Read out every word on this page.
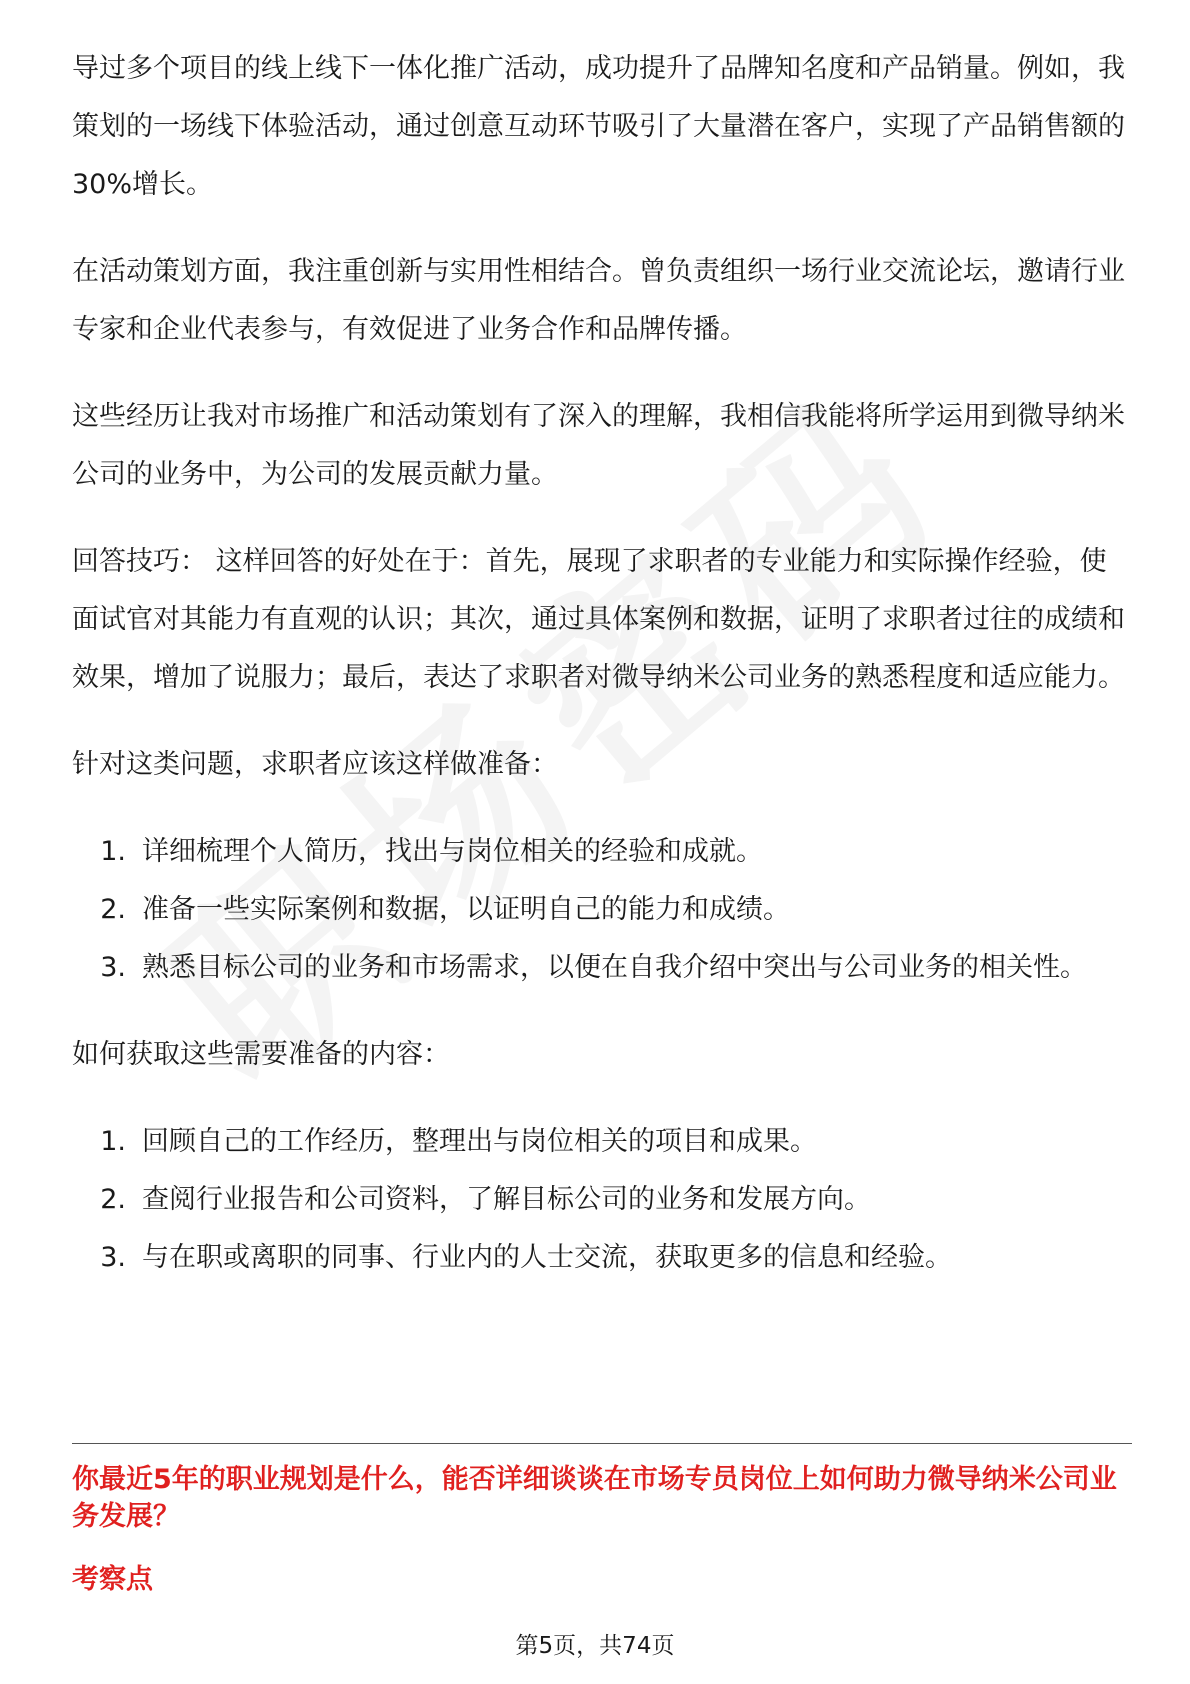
导过多个项目的线上线下一体化推广活动，成功提升了品牌知名度和产品销量。例如，我策划的一场线下体验活动，通过创意互动环节吸引了大量潜在客户，实现了产品销售额的30%增长。

在活动策划方面，我注重创新与实用性相结合。曾负责组织一场行业交流论坛，邀请行业专家和企业代表参与，有效促进了业务合作和品牌传播。

这些经历让我对市场推广和活动策划有了深入的理解，我相信我能将所学运用到微导纳米公司的业务中，为公司的发展贡献力量。

回答技巧： 这样回答的好处在于：首先，展现了求职者的专业能力和实际操作经验，使面试官对其能力有直观的认识；其次，通过具体案例和数据，证明了求职者过往的成绩和效果，增加了说服力；最后，表达了求职者对微导纳米公司业务的熟悉程度和适应能力。

针对这类问题，求职者应该这样做准备：

1. 详细梳理个人简历，找出与岗位相关的经验和成就。
2. 准备一些实际案例和数据，以证明自己的能力和成绩。
3. 熟悉目标公司的业务和市场需求，以便在自我介绍中突出与公司业务的相关性。

如何获取这些需要准备的内容：

1. 回顾自己的工作经历，整理出与岗位相关的项目和成果。
2. 查阅行业报告和公司资料，了解目标公司的业务和发展方向。
3. 与在职或离职的同事、行业内的人士交流，获取更多的信息和经验。
你最近5年的职业规划是什么，能否详细谈谈在市场专员岗位上如何助力微导纳米公司业务发展？
考察点
第5页，共74页
